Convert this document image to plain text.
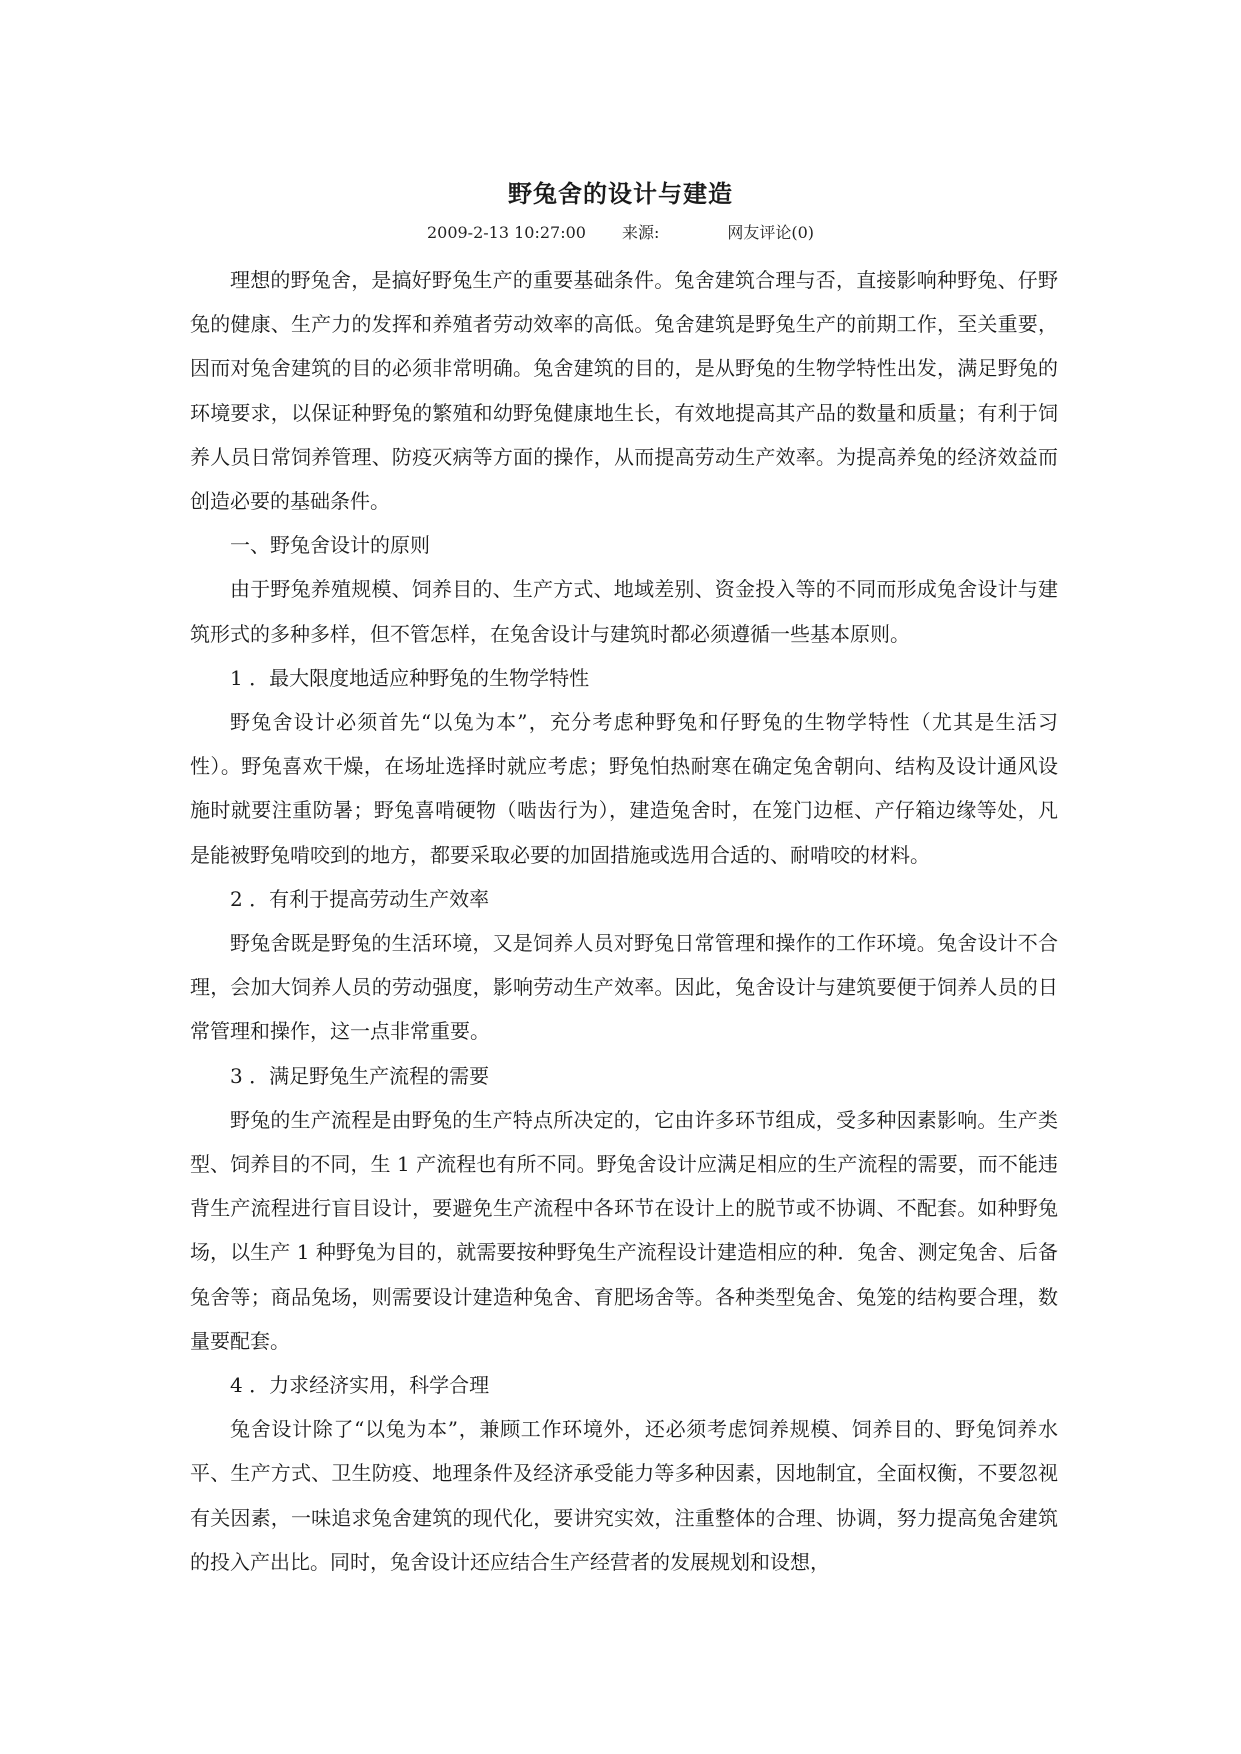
野兔舍的设计与建造
2009-2-13 10:27:00 来源:	网友评论(0)

理想的野兔舍，是搞好野兔生产的重要基础条件。兔舍建筑合理与否，直接影响种野兔、仔野兔的健康、生产力的发挥和养殖者劳动效率的高低。兔舍建筑是野兔生产的前期工作，至关重要，因而对兔舍建筑的目的必须非常明确。兔舍建筑的目的，是从野兔的生物学特性出发，满足野兔的环境要求，以保证种野兔的繁殖和幼野兔健康地生长，有效地提高其产品的数量和质量；有利于饲养人员日常饲养管理、防疫灭病等方面的操作，从而提高劳动生产效率。为提高养兔的经济效益而创造必要的基础条件。

一、野兔舍设计的原则

由于野兔养殖规模、饲养目的、生产方式、地域差别、资金投入等的不同而形成兔舍设计与建筑形式的多种多样，但不管怎样，在兔舍设计与建筑时都必须遵循一些基本原则。

1 ．最大限度地适应种野兔的生物学特性

野兔舍设计必须首先“以兔为本”，充分考虑种野兔和仔野兔的生物学特性（尤其是生活习性）。野兔喜欢干燥，在场址选择时就应考虑；野兔怕热耐寒在确定兔舍朝向、结构及设计通风设施时就要注重防暑；野兔喜啃硬物（啮齿行为），建造兔舍时，在笼门边框、产仔箱边缘等处，凡是能被野兔啃咬到的地方，都要采取必要的加固措施或选用合适的、耐啃咬的材料。

2 ．有利于提高劳动生产效率

野兔舍既是野兔的生活环境，又是饲养人员对野兔日常管理和操作的工作环境。兔舍设计不合理，会加大饲养人员的劳动强度，影响劳动生产效率。因此，兔舍设计与建筑要便于饲养人员的日常管理和操作，这一点非常重要。

3 ．满足野兔生产流程的需要

野兔的生产流程是由野兔的生产特点所决定的，它由许多环节组成，受多种因素影响。生产类型、饲养目的不同，生 1 产流程也有所不同。野兔舍设计应满足相应的生产流程的需要，而不能违背生产流程进行盲目设计，要避免生产流程中各环节在设计上的脱节或不协调、不配套。如种野兔场，以生产 1 种野兔为目的，就需要按种野兔生产流程设计建造相应的种．兔舍、测定兔舍、后备兔舍等；商品兔场，则需要设计建造种兔舍、育肥场舍等。各种类型兔舍、兔笼的结构要合理，数量要配套。

4 ．力求经济实用，科学合理

兔舍设计除了“以兔为本”，兼顾工作环境外，还必须考虑饲养规模、饲养目的、野兔饲养水平、生产方式、卫生防疫、地理条件及经济承受能力等多种因素，因地制宜，全面权衡，不要忽视有关因素，一味追求兔舍建筑的现代化，要讲究实效，注重整体的合理、协调，努力提高兔舍建筑的投入产出比。同时，兔舍设计还应结合生产经营者的发展规划和设想，
